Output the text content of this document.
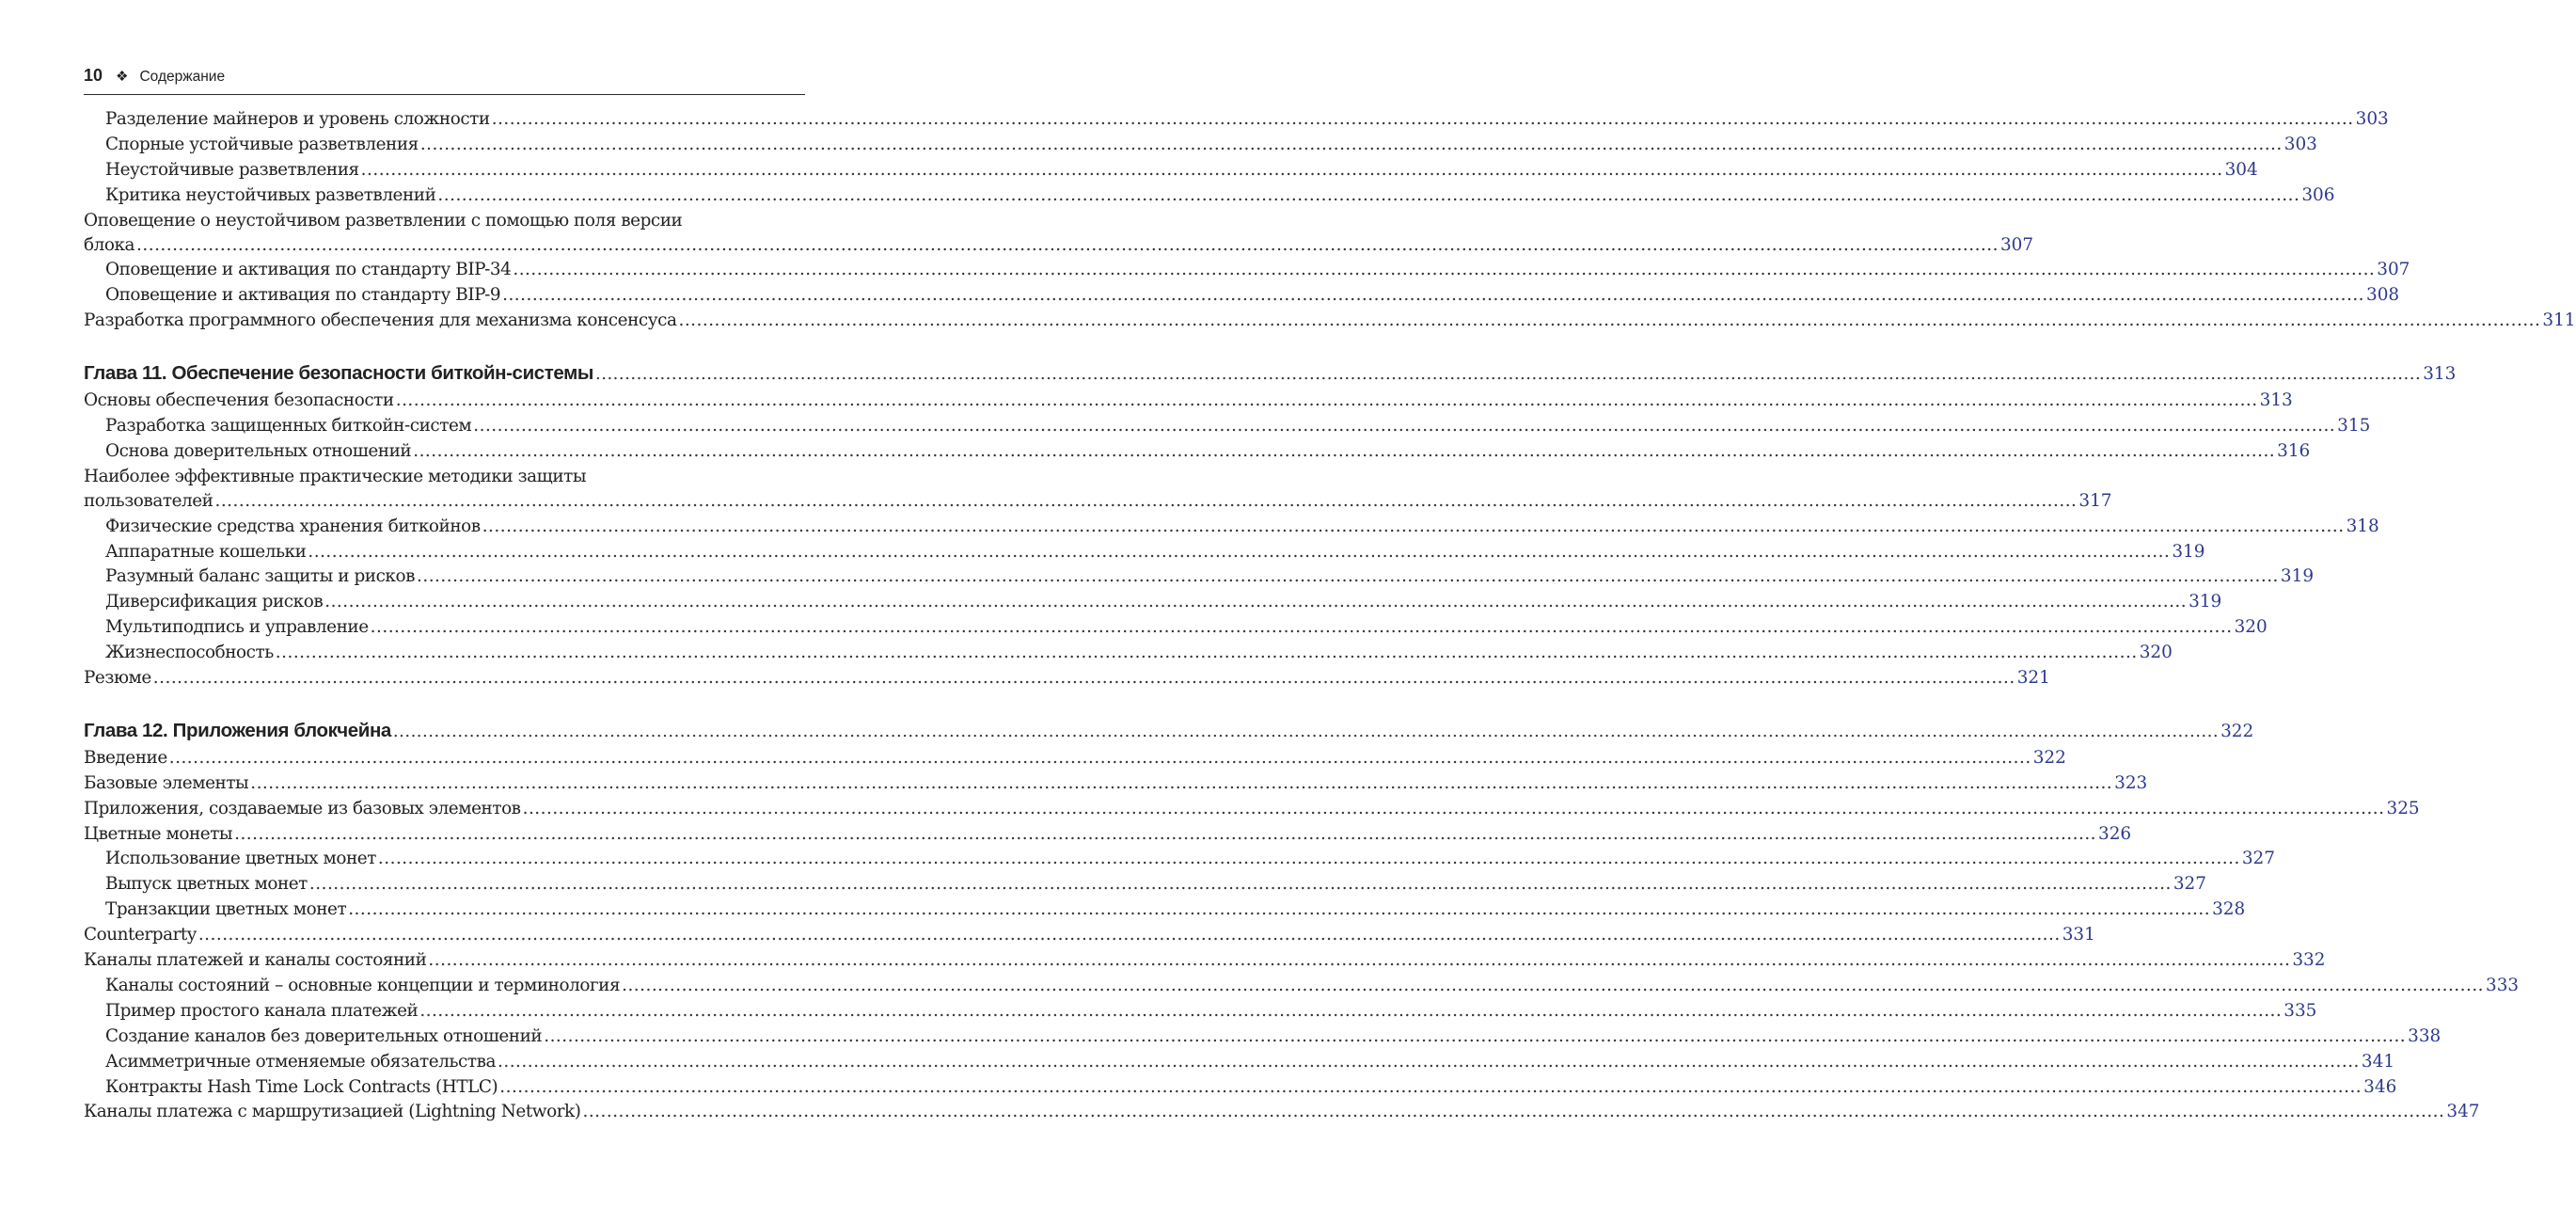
10 ❖ Содержание
Разделение майнеров и уровень сложности .....	303
Спорные устойчивые разветвления .....	303
Неустойчивые разветвления .....	304
Критика неустойчивых разветвлений .....	306
Оповещение о неустойчивом разветвлении с помощью поля версии
блока .....	307
Оповещение и активация по стандарту BIP-34 .....	307
Оповещение и активация по стандарту BIP-9 .....	308
Разработка программного обеспечения для механизма консенсуса .....	311
Глава 11. Обеспечение безопасности биткойн-системы .....	313
Основы обеспечения безопасности .....	313
Разработка защищенных биткойн-систем .....	315
Основа доверительных отношений .....	316
Наиболее эффективные практические методики защиты
пользователей .....	317
Физические средства хранения биткойнов .....	318
Аппаратные кошельки .....	319
Разумный баланс защиты и рисков .....	319
Диверсификация рисков .....	319
Мультиподпись и управление .....	320
Жизнеспособность .....	320
Резюме .....	321
Глава 12. Приложения блокчейна .....	322
Введение .....	322
Базовые элементы .....	323
Приложения, создаваемые из базовых элементов .....	325
Цветные монеты .....	326
Использование цветных монет .....	327
Выпуск цветных монет .....	327
Транзакции цветных монет .....	328
Counterparty .....	331
Каналы платежей и каналы состояний .....	332
Каналы состояний – основные концепции и терминология .....	333
Пример простого канала платежей .....	335
Создание каналов без доверительных отношений .....	338
Асимметричные отменяемые обязательства .....	341
Контракты Hash Time Lock Contracts (HTLC) .....	346
Каналы платежа с маршрутизацией (Lightning Network) .....	347
